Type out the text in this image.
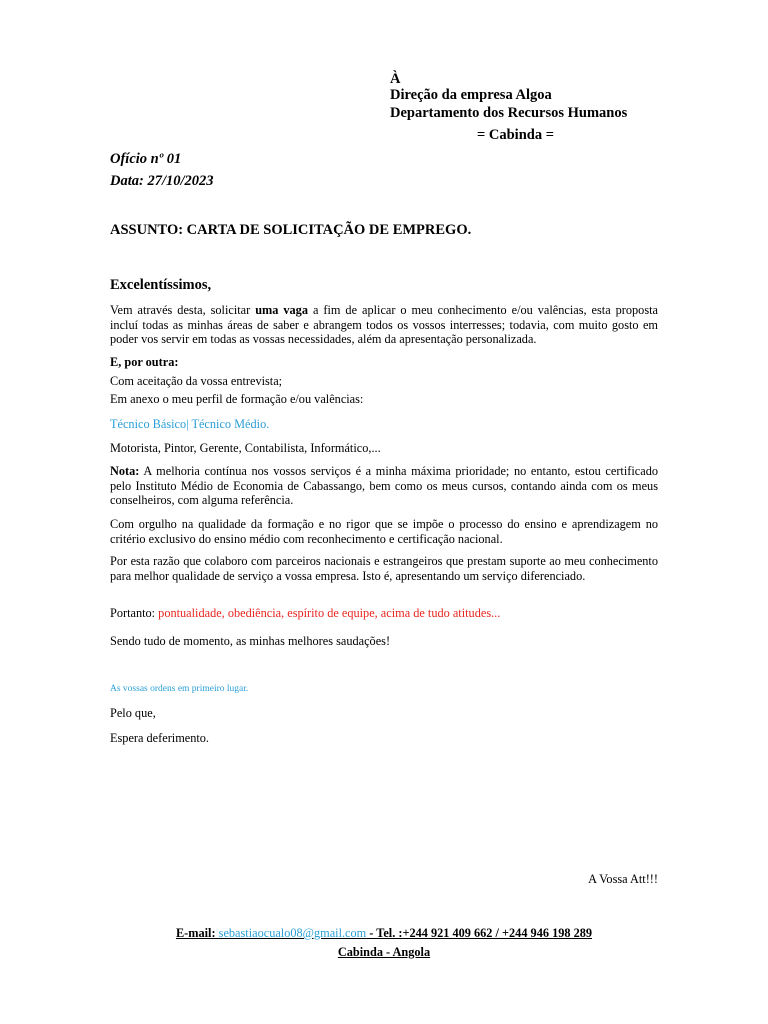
À
Direção da empresa Algoa
Departamento dos Recursos Humanos
= Cabinda =
Ofício nº 01
Data: 27/10/2023
ASSUNTO: CARTA DE SOLICITAÇÃO DE EMPREGO.
Excelentíssimos,
Vem através desta, solicitar uma vaga a fim de aplicar o meu conhecimento e/ou valências, esta proposta incluí todas as minhas áreas de saber e abrangem todos os vossos interresses; todavia, com muito gosto em poder vos servir em todas as vossas necessidades, além da apresentação personalizada.
E, por outra:
Com aceitação da vossa entrevista;
Em anexo o meu perfil de formação e/ou valências:
Técnico Básico| Técnico Médio.
Motorista, Pintor, Gerente, Contabilista, Informático,...
Nota: A melhoria contínua nos vossos serviços é a minha máxima prioridade; no entanto, estou certificado pelo Instituto Médio de Economia de Cabassango, bem como os meus cursos, contando ainda com os meus conselheiros, com alguma referência.
Com orgulho na qualidade da formação e no rigor que se impõe o processo do ensino e aprendizagem no critério exclusivo do ensino médio com reconhecimento e certificação nacional.
Por esta razão que colaboro com parceiros nacionais e estrangeiros que prestam suporte ao meu conhecimento para melhor qualidade de serviço a vossa empresa. Isto é, apresentando um serviço diferenciado.
Portanto: pontualidade, obediência, espírito de equipe, acima de tudo atitudes...
Sendo tudo de momento, as minhas melhores saudações!
As vossas ordens em primeiro lugar.
Pelo que,
Espera deferimento.
A Vossa Att!!!
E-mail: sebastiaocualo08@gmail.com - Tel. :+244 921 409 662 / +244 946 198 289
Cabinda - Angola
